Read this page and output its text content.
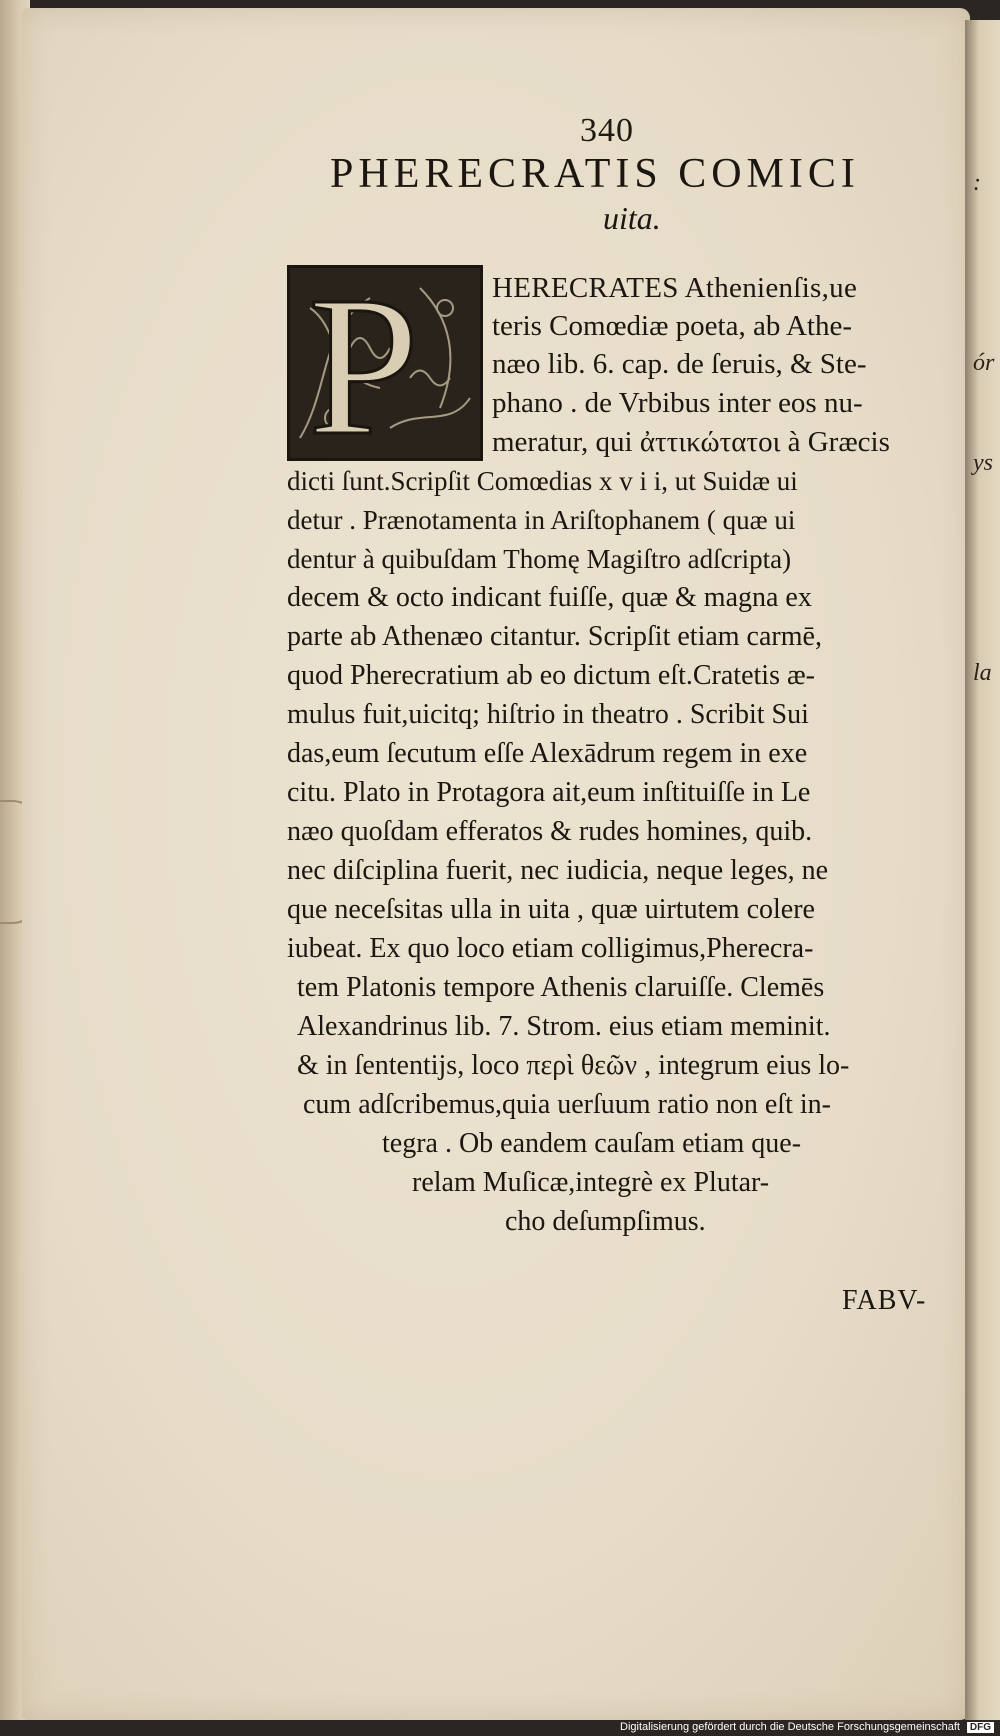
:
ór
ys
la
340
PHERECRATIS COMICI
uita.
P	HERECRATES Athenienſis,ue
teris Comœdiæ poeta, ab Athe-
næo lib. 6. cap. de ſeruis, & Ste-
phano . de Vrbibus inter eos nu-
meratur, qui ἀττικώτατοι à Græcis
dicti ſunt.Scripſit Comœdias x v i i, ut Suidæ ui
detur . Prænotamenta in Ariſtophanem ( quæ ui
dentur à quibuſdam Thomę Magiſtro adſcripta)
decem & octo indicant fuiſſe, quæ & magna ex
parte ab Athenæo citantur. Scripſit etiam carmē,
quod Pherecratium ab eo dictum eſt.Cratetis æ-
mulus fuit,uicitq; hiſtrio in theatro . Scribit Sui
das,eum ſecutum eſſe Alexādrum regem in exe
citu. Plato in Protagora ait,eum inſtituiſſe in Le
næo quoſdam efferatos & rudes homines, quib.
nec diſciplina fuerit, nec iudicia, neque leges, ne
que neceſsitas ulla in uita , quæ uirtutem colere
iubeat. Ex quo loco etiam colligimus,Pherecra-
tem Platonis tempore Athenis claruiſſe. Clemēs
Alexandrinus lib. 7. Strom. eius etiam meminit.
& in ſententijs, loco περὶ θεῶν , integrum eius lo-
cum adſcribemus,quia uerſuum ratio non eſt in-
tegra . Ob eandem cauſam etiam que-
relam Muſicæ,integrè ex Plutar-
cho deſumpſimus.
FABV-
Digitalisierung gefördert durch die Deutsche Forschungsgemeinschaft DFG
